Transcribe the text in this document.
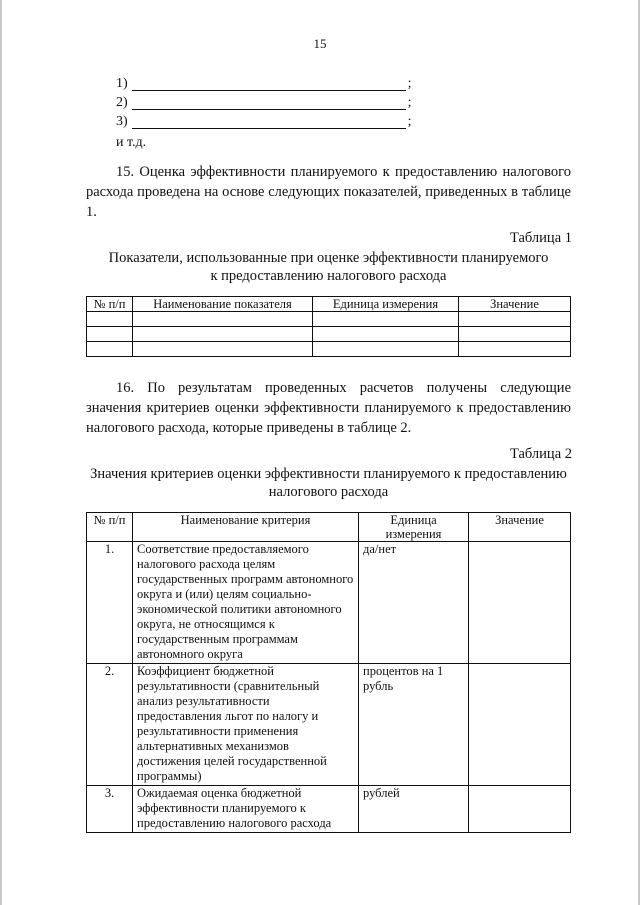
15
1)	;
2)	;
3)	;
и т.д.
15. Оценка эффективности планируемого к предоставлению налогового расхода проведена на основе следующих показателей, приведенных в таблице 1.
Таблица 1
Показатели, использованные при оценке эффективности планируемого
к предоставлению налогового расхода
№ п/п	Наименование показателя	Единица измерения	Значение

16. По результатам проведенных расчетов получены следующие значения критериев оценки эффективности планируемого к предоставлению налогового расхода, которые приведены в таблице 2.
Таблица 2
Значения критериев оценки эффективности планируемого к предоставлению
налогового расхода
№ п/п	Наименование критерия	Единица измерения	Значение
1.	Соответствие предоставляемого налогового расхода целям государственных программ автономного округа и (или) целям социально-экономической политики автономного округа, не относящимся к государственным программам автономного округа	да/нет	
2.	Коэффициент бюджетной результативности (сравнительный анализ результативности предоставления льгот по налогу и результативности применения альтернативных механизмов достижения целей государственной программы)	процентов на 1 рубль	
3.	Ожидаемая оценка бюджетной эффективности планируемого к предоставлению налогового расхода	рублей	
